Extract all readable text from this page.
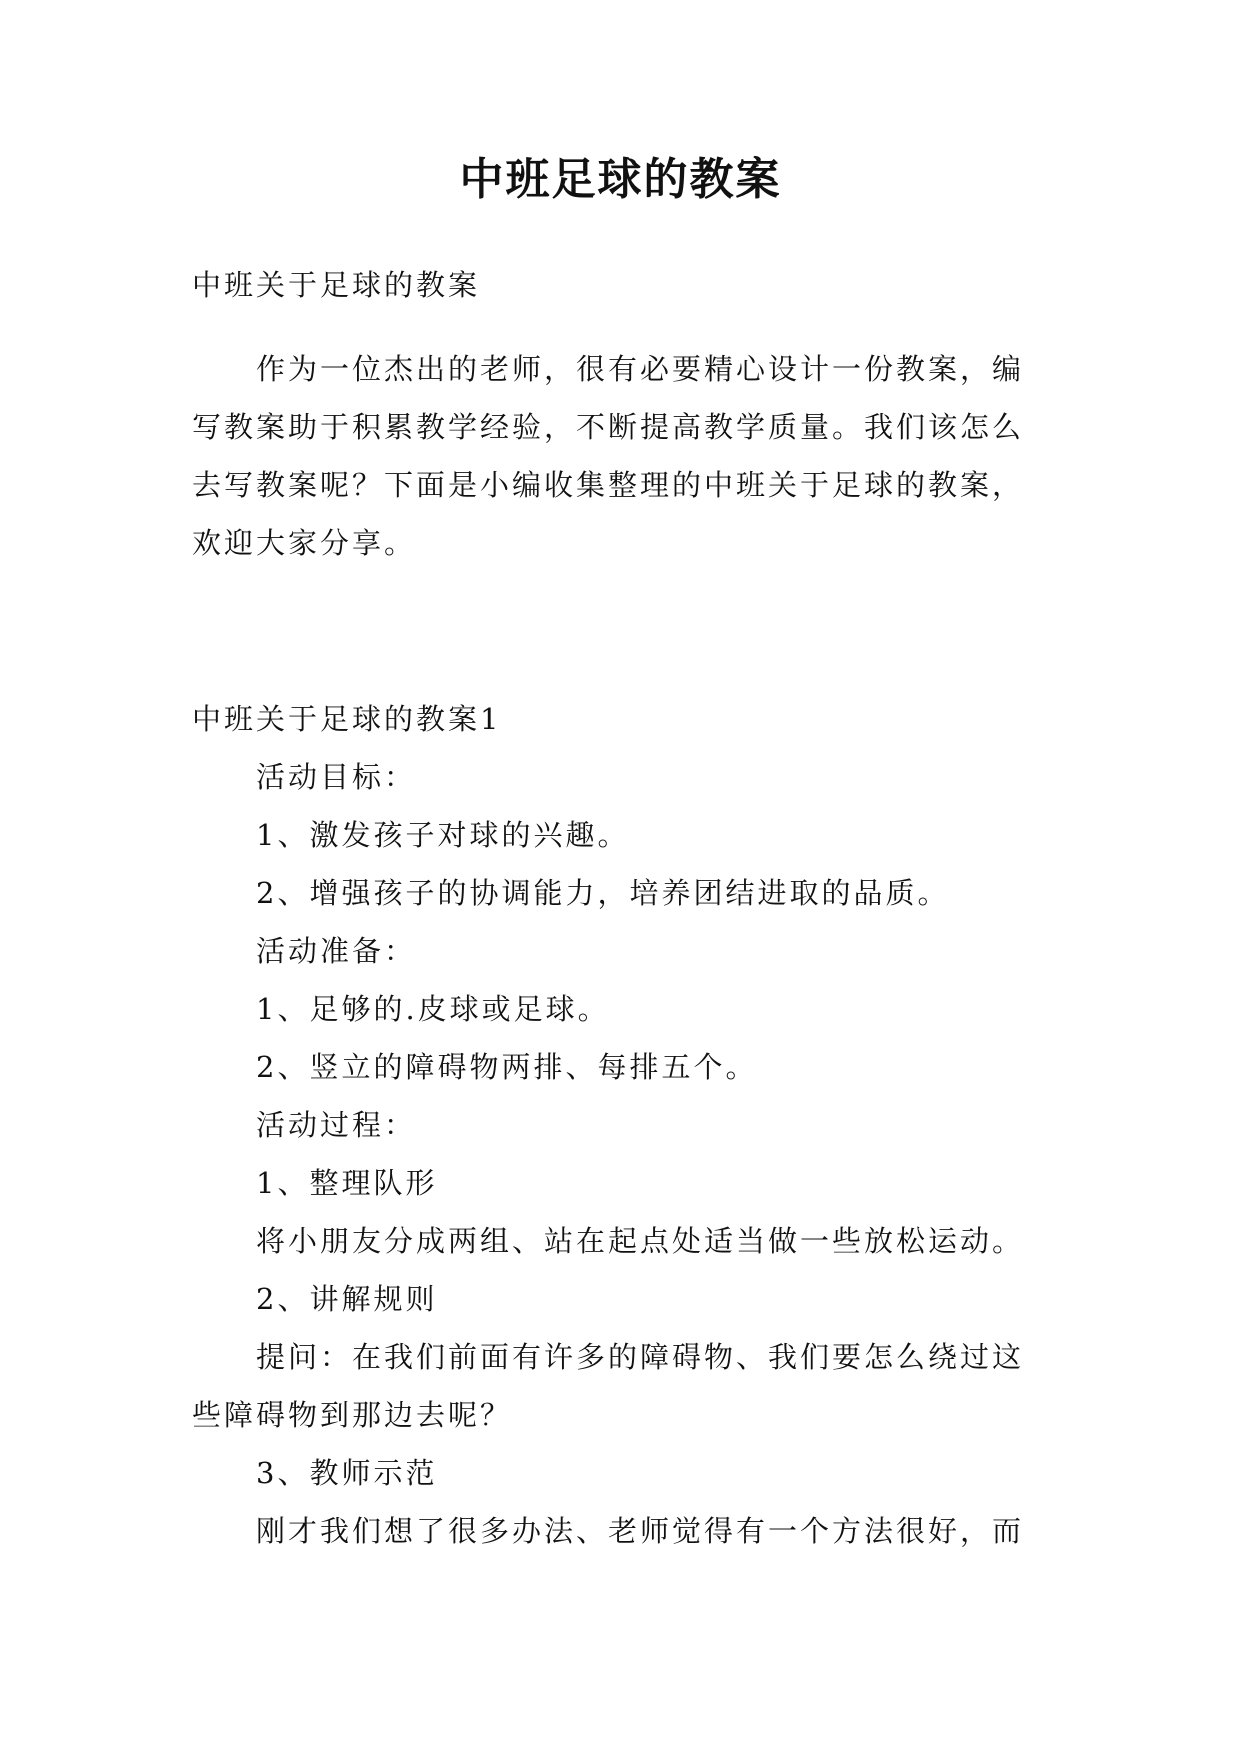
中班足球的教案
中班关于足球的教案

作为一位杰出的老师，很有必要精心设计一份教案，编写教案助于积累教学经验，不断提高教学质量。我们该怎么去写教案呢？下面是小编收集整理的中班关于足球的教案，欢迎大家分享。

中班关于足球的教案1
活动目标：
1、激发孩子对球的兴趣。
2、增强孩子的协调能力，培养团结进取的品质。
活动准备：
1、足够的.皮球或足球。
2、竖立的障碍物两排、每排五个。
活动过程：
1、整理队形
将小朋友分成两组、站在起点处适当做一些放松运动。
2、讲解规则

提问：在我们前面有许多的障碍物、我们要怎么绕过这些障碍物到那边去呢？

3、教师示范
刚才我们想了很多办法、老师觉得有一个方法很好，而
